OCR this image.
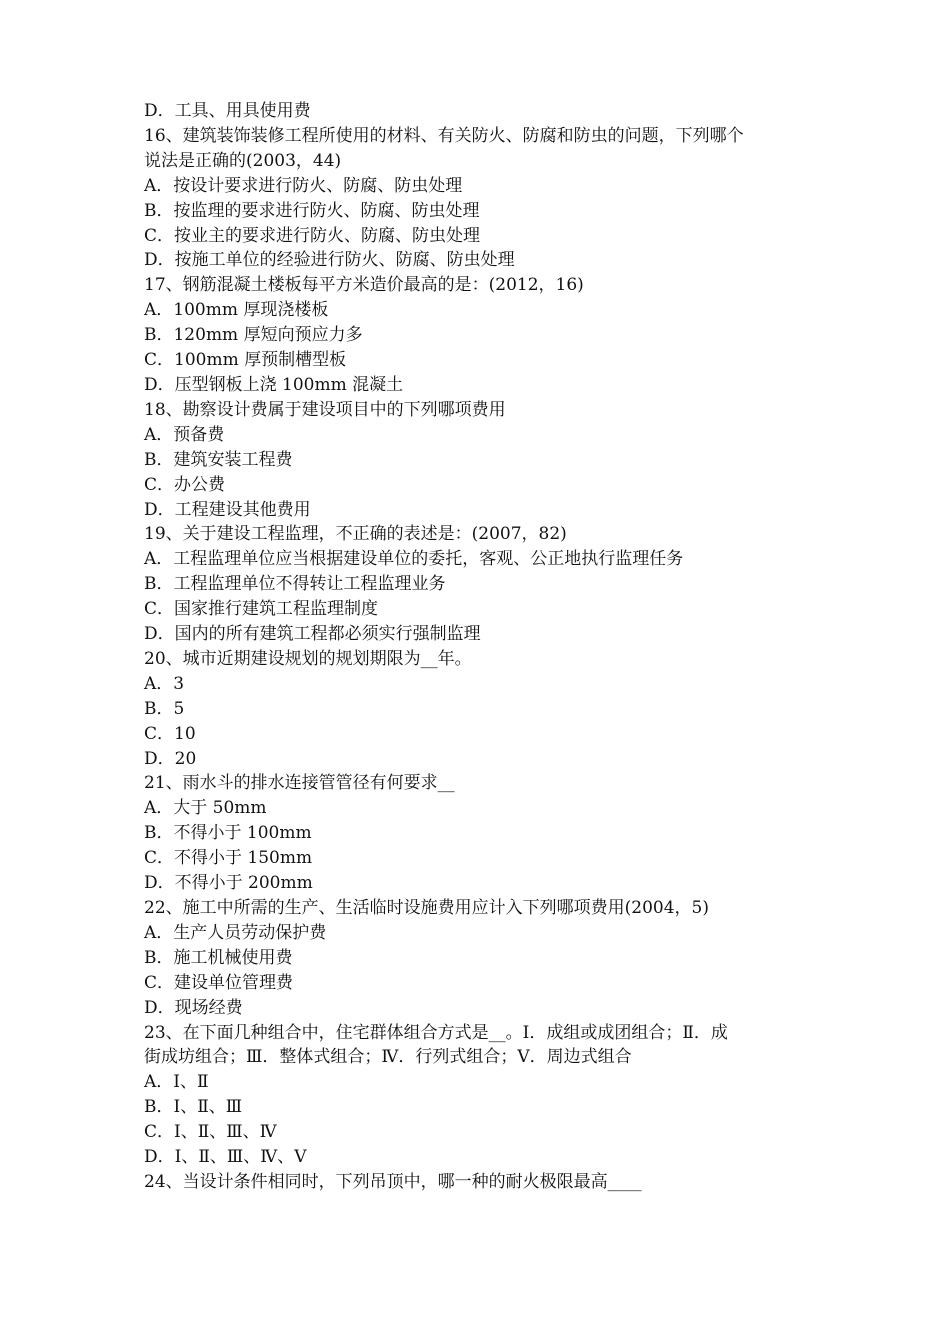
D．工具、用具使用费

16、建筑装饰装修工程所使用的材料、有关防火、防腐和防虫的问题，下列哪个

说法是正确的(2003，44)

A．按设计要求进行防火、防腐、防虫处理

B．按监理的要求进行防火、防腐、防虫处理

C．按业主的要求进行防火、防腐、防虫处理

D．按施工单位的经验进行防火、防腐、防虫处理

17、钢筋混凝土楼板每平方米造价最高的是：(2012，16)

A．100mm 厚现浇楼板

B．120mm 厚短向预应力多

C．100mm 厚预制槽型板

D．压型钢板上浇 100mm 混凝土

18、勘察设计费属于建设项目中的下列哪项费用

A．预备费

B．建筑安装工程费

C．办公费

D．工程建设其他费用

19、关于建设工程监理，不正确的表述是：(2007，82)

A．工程监理单位应当根据建设单位的委托，客观、公正地执行监理任务

B．工程监理单位不得转让工程监理业务

C．国家推行建筑工程监理制度

D．国内的所有建筑工程都必须实行强制监理

20、城市近期建设规划的规划期限为__年。

A．3

B．5

C．10

D．20

21、雨水斗的排水连接管管径有何要求__

A．大于 50mm

B．不得小于 100mm

C．不得小于 150mm

D．不得小于 200mm

22、施工中所需的生产、生活临时设施费用应计入下列哪项费用(2004，5)

A．生产人员劳动保护费

B．施工机械使用费

C．建设单位管理费

D．现场经费

23、在下面几种组合中，住宅群体组合方式是__。Ⅰ．成组或成团组合；Ⅱ．成

街成坊组合；Ⅲ．整体式组合；Ⅳ．行列式组合；Ⅴ．周边式组合

A．Ⅰ、Ⅱ

B．Ⅰ、Ⅱ、Ⅲ

C．Ⅰ、Ⅱ、Ⅲ、Ⅳ

D．Ⅰ、Ⅱ、Ⅲ、Ⅳ、Ⅴ

24、当设计条件相同时，下列吊顶中，哪一种的耐火极限最高____
